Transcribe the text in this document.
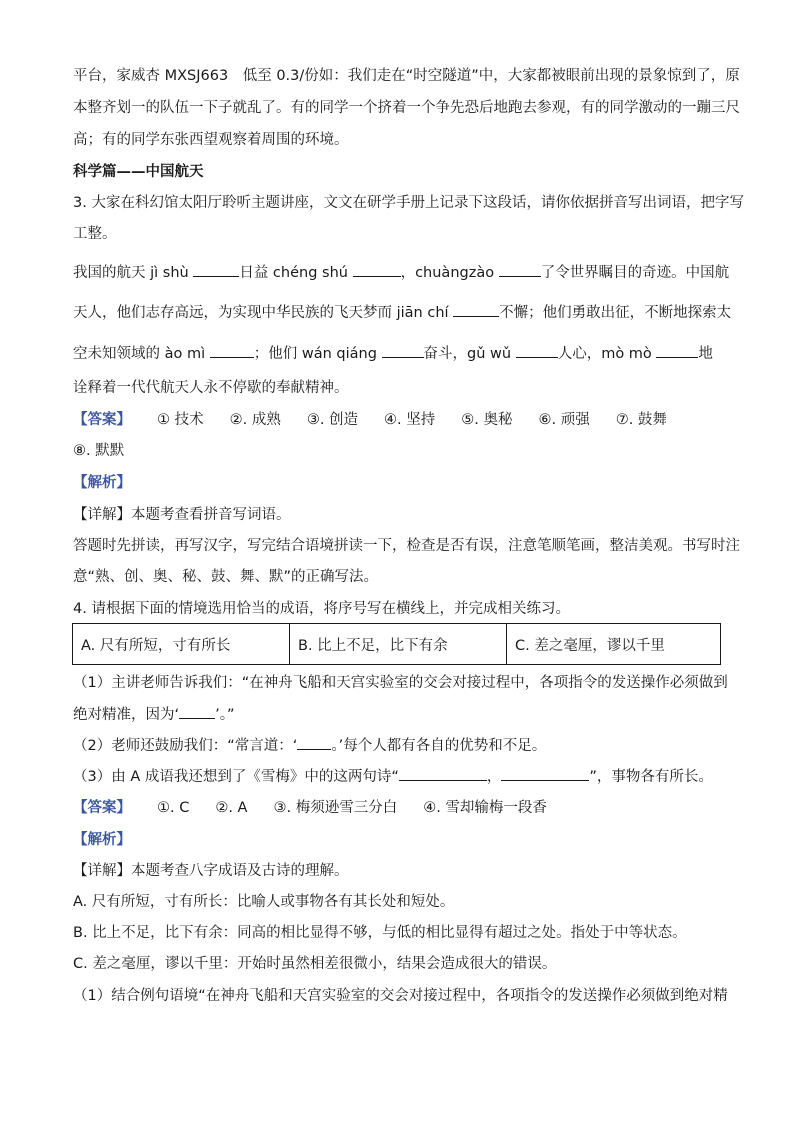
平台，家威杏 MXSJ663　低至 0.3/份如：我们走在“时空隧道”中，大家都被眼前出现的景象惊到了，原
本整齐划一的队伍一下子就乱了。有的同学一个挤着一个争先恐后地跑去参观，有的同学激动的一蹦三尺
高；有的同学东张西望观察着周围的环境。
科学篇——中国航天
3. 大家在科幻馆太阳厅聆听主题讲座，文文在研学手册上记录下这段话，请你依据拼音写出词语，把字写
工整。
我国的航天 jì shù	日益 chéng shú	，chuàngzào	了令世界瞩目的奇迹。中国航
天人，他们志存高远，为实现中华民族的飞天梦而 jiān chí	不懈；他们勇敢出征，不断地探索太
空未知领域的 ào mì	；他们 wán qiáng	奋斗，gǔ wǔ	人心，mò mò	地
诠释着一代代航天人永不停歇的奉献精神。
【答案】 ① 技术 ②. 成熟 ③. 创造 ④. 坚持 ⑤. 奥秘 ⑥. 顽强 ⑦. 鼓舞
⑧. 默默
【解析】
【详解】本题考查看拼音写词语。
答题时先拼读，再写汉字，写完结合语境拼读一下，检查是否有误，注意笔顺笔画，整洁美观。书写时注
意“熟、创、奥、秘、鼓、舞、默”的正确写法。
4. 请根据下面的情境选用恰当的成语，将序号写在横线上，并完成相关练习。
A. 尺有所短，寸有所长	B. 比上不足，比下有余	C. 差之毫厘，谬以千里
（1）主讲老师告诉我们：“在神舟飞船和天宫实验室的交会对接过程中，各项指令的发送操作必须做到
绝对精准，因为‘ ’。”
（2）老师还鼓励我们：“常言道：‘ 。’每个人都有各自的优势和不足。
（3）由 A 成语我还想到了《雪梅》中的这两句诗“	，	”，事物各有所长。
【答案】 ①. C ②. A ③. 梅须逊雪三分白 ④. 雪却输梅一段香
【解析】
【详解】本题考查八字成语及古诗的理解。
A. 尺有所短，寸有所长：比喻人或事物各有其长处和短处。
B. 比上不足，比下有余：同高的相比显得不够，与低的相比显得有超过之处。指处于中等状态。
C. 差之毫厘，谬以千里：开始时虽然相差很微小，结果会造成很大的错误。
（1）结合例句语境“在神舟飞船和天宫实验室的交会对接过程中，各项指令的发送操作必须做到绝对精
